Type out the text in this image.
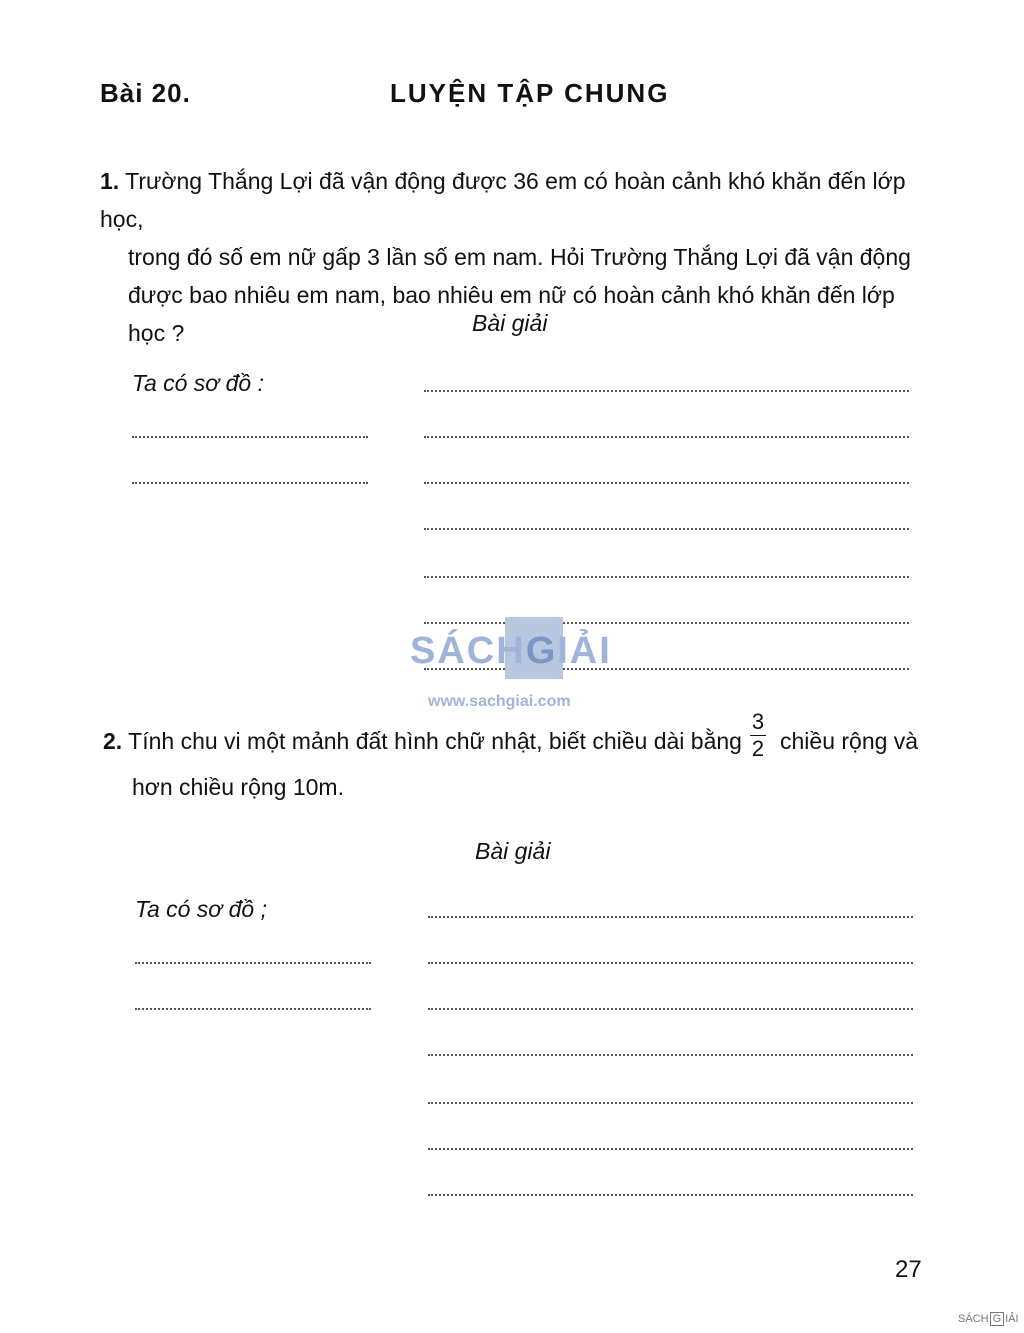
Bài 20.	LUYỆN TẬP CHUNG
1. Trường Thắng Lợi đã vận động được 36 em có hoàn cảnh khó khăn đến lớp học,
trong đó số em nữ gấp 3 lần số em nam. Hỏi Trường Thắng Lợi đã vận động
được bao nhiêu em nam, bao nhiêu em nữ có hoàn cảnh khó khăn đến lớp học ?	Bài giải
Ta có sơ đồ :
SÁCHGIẢI
www.sachgiai.com
2. Tính chu vi một mảnh đất hình chữ nhật, biết chiều dài bằng
3
2 chiều rộng và
hơn chiều rộng 10m.
Bài giải
Ta có sơ đồ ;
27
SÁCH G IẢI
